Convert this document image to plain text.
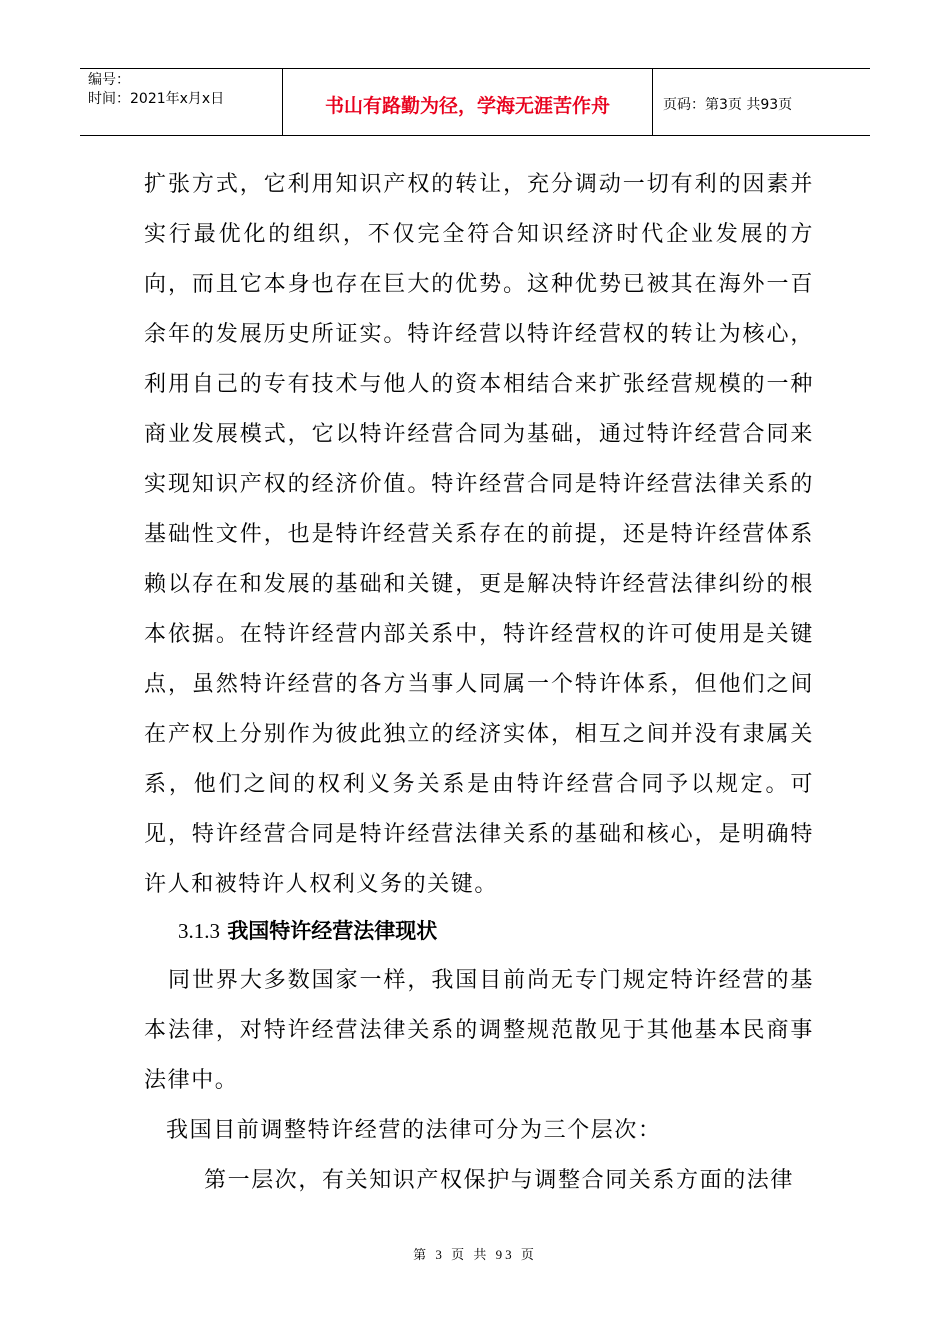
编号：
时间：2021年x月x日	书山有路勤为径，学海无涯苦作舟	页码：第3页 共93页

扩张方式，它利用知识产权的转让，充分调动一切有利的因素并实行最优化的组织，不仅完全符合知识经济时代企业发展的方向，而且它本身也存在巨大的优势。这种优势已被其在海外一百余年的发展历史所证实。特许经营以特许经营权的转让为核心，利用自己的专有技术与他人的资本相结合来扩张经营规模的一种商业发展模式，它以特许经营合同为基础，通过特许经营合同来实现知识产权的经济价值。特许经营合同是特许经营法律关系的基础性文件，也是特许经营关系存在的前提，还是特许经营体系赖以存在和发展的基础和关键，更是解决特许经营法律纠纷的根本依据。在特许经营内部关系中，特许经营权的许可使用是关键点，虽然特许经营的各方当事人同属一个特许体系，但他们之间在产权上分别作为彼此独立的经济实体，相互之间并没有隶属关系，他们之间的权利义务关系是由特许经营合同予以规定。可见，特许经营合同是特许经营法律关系的基础和核心，是明确特许人和被特许人权利义务的关键。

3.1.3 我国特许经营法律现状

同世界大多数国家一样，我国目前尚无专门规定特许经营的基本法律，对特许经营法律关系的调整规范散见于其他基本民商事法律中。

我国目前调整特许经营的法律可分为三个层次：

第一层次，有关知识产权保护与调整合同关系方面的法律

第 3 页 共 93 页
